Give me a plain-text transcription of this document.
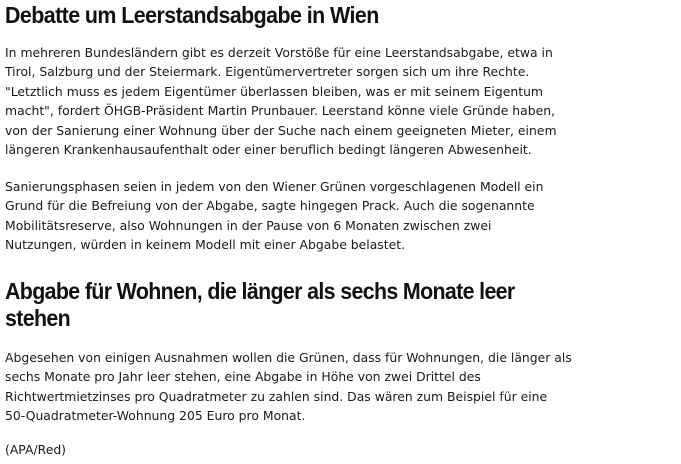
Debatte um Leerstandsabgabe in Wien

In mehreren Bundesländern gibt es derzeit Vorstöße für eine Leerstandsabgabe, etwa in
Tirol, Salzburg und der Steiermark. Eigentümervertreter sorgen sich um ihre Rechte.
"Letztlich muss es jedem Eigentümer überlassen bleiben, was er mit seinem Eigentum
macht", fordert ÖHGB-Präsident Martin Prunbauer. Leerstand könne viele Gründe haben,
von der Sanierung einer Wohnung über der Suche nach einem geeigneten Mieter, einem
längeren Krankenhausaufenthalt oder einer beruflich bedingt längeren Abwesenheit.

Sanierungsphasen seien in jedem von den Wiener Grünen vorgeschlagenen Modell ein
Grund für die Befreiung von der Abgabe, sagte hingegen Prack. Auch die sogenannte
Mobilitätsreserve, also Wohnungen in der Pause von 6 Monaten zwischen zwei
Nutzungen, würden in keinem Modell mit einer Abgabe belastet.

Abgabe für Wohnen, die länger als sechs Monate leer
stehen

Abgesehen von einigen Ausnahmen wollen die Grünen, dass für Wohnungen, die länger als
sechs Monate pro Jahr leer stehen, eine Abgabe in Höhe von zwei Drittel des
Richtwertmietzinses pro Quadratmeter zu zahlen sind. Das wären zum Beispiel für eine
50-Quadratmeter-Wohnung 205 Euro pro Monat.

(APA/Red)
